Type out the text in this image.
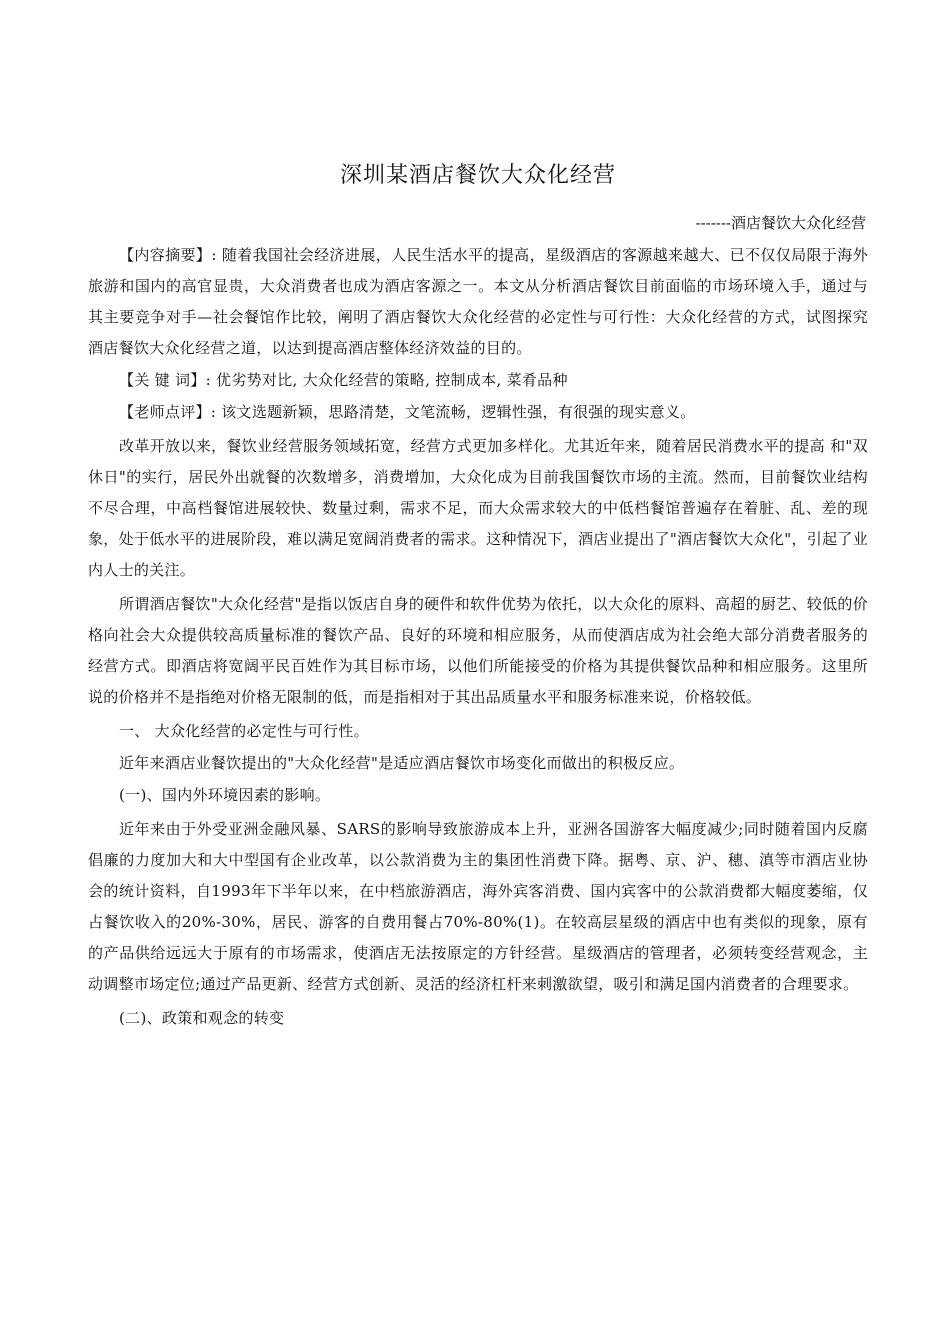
深圳某酒店餐饮大众化经营
-------酒店餐饮大众化经营

【内容摘要】: 随着我国社会经济进展，人民生活水平的提高，星级酒店的客源越来越大、已不仅仅局限于海外旅游和国内的高官显贵，大众消费者也成为酒店客源之一。本文从分析酒店餐饮目前面临的市场环境入手，通过与其主要竞争对手—社会餐馆作比较，阐明了酒店餐饮大众化经营的必定性与可行性：大众化经营的方式，试图探究酒店餐饮大众化经营之道，以达到提高酒店整体经济效益的目的。

【关 键 词】: 优劣势对比, 大众化经营的策略, 控制成本, 菜肴品种

【老师点评】: 该文选题新颖，思路清楚，文笔流畅，逻辑性强，有很强的现实意义。

改革开放以来，餐饮业经营服务领域拓宽，经营方式更加多样化。尤其近年来，随着居民消费水平的提高 和"双休日"的实行，居民外出就餐的次数增多，消费增加，大众化成为目前我国餐饮市场的主流。然而，目前餐饮业结构不尽合理，中高档餐馆进展较快、数量过剩，需求不足，而大众需求较大的中低档餐馆普遍存在着脏、乱、差的现象，处于低水平的进展阶段，难以满足宽阔消费者的需求。这种情况下，酒店业提出了"酒店餐饮大众化"，引起了业内人士的关注。

所谓酒店餐饮"大众化经营"是指以饭店自身的硬件和软件优势为依托，以大众化的原料、高超的厨艺、较低的价格向社会大众提供较高质量标准的餐饮产品、良好的环境和相应服务，从而使酒店成为社会绝大部分消费者服务的经营方式。即酒店将宽阔平民百姓作为其目标市场，以他们所能接受的价格为其提供餐饮品种和相应服务。这里所说的价格并不是指绝对价格无限制的低，而是指相对于其出品质量水平和服务标准来说，价格较低。

一、 大众化经营的必定性与可行性。

近年来酒店业餐饮提出的"大众化经营"是适应酒店餐饮市场变化而做出的积极反应。

(一)、国内外环境因素的影响。

近年来由于外受亚洲金融风暴、SARS的影响导致旅游成本上升，亚洲各国游客大幅度减少;同时随着国内反腐倡廉的力度加大和大中型国有企业改革，以公款消费为主的集团性消费下降。据粤、京、沪、穗、滇等市酒店业协会的统计资料，自1993年下半年以来，在中档旅游酒店，海外宾客消费、国内宾客中的公款消费都大幅度萎缩，仅占餐饮收入的20%-30%，居民、游客的自费用餐占70%-80%(1)。在较高层星级的酒店中也有类似的现象，原有的产品供给远远大于原有的市场需求，使酒店无法按原定的方针经营。星级酒店的管理者，必须转变经营观念，主动调整市场定位;通过产品更新、经营方式创新、灵活的经济杠杆来刺激欲望，吸引和满足国内消费者的合理要求。

(二)、政策和观念的转变
